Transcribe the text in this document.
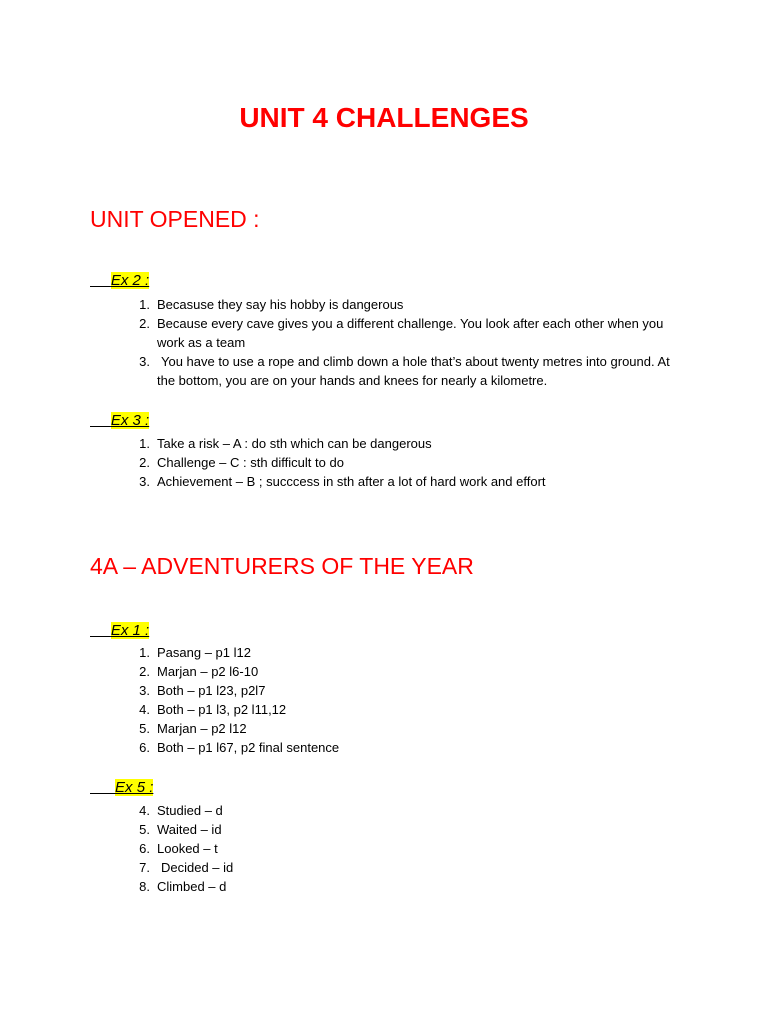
UNIT 4 CHALLENGES
UNIT OPENED :
Ex 2 :
1. Becasuse they say his hobby is dangerous
2. Because every cave gives you a different challenge. You look after each other when you work as a team
3. You have to use a rope and climb down a hole that’s about twenty metres into ground. At the bottom, you are on your hands and knees for nearly a kilometre.
Ex 3 :
1. Take a risk – A : do sth which can be dangerous
2. Challenge – C : sth difficult to do
3. Achievement – B ; succcess in sth after a lot of hard work and effort
4A – ADVENTURERS OF THE YEAR
Ex 1 :
1. Pasang – p1 l12
2. Marjan – p2 l6-10
3. Both – p1 l23, p2l7
4. Both – p1 l3, p2 l11,12
5. Marjan – p2 l12
6. Both – p1 l67, p2 final sentence
Ex 5 :
4. Studied – d
5. Waited – id
6. Looked – t
7. Decided – id
8. Climbed – d
